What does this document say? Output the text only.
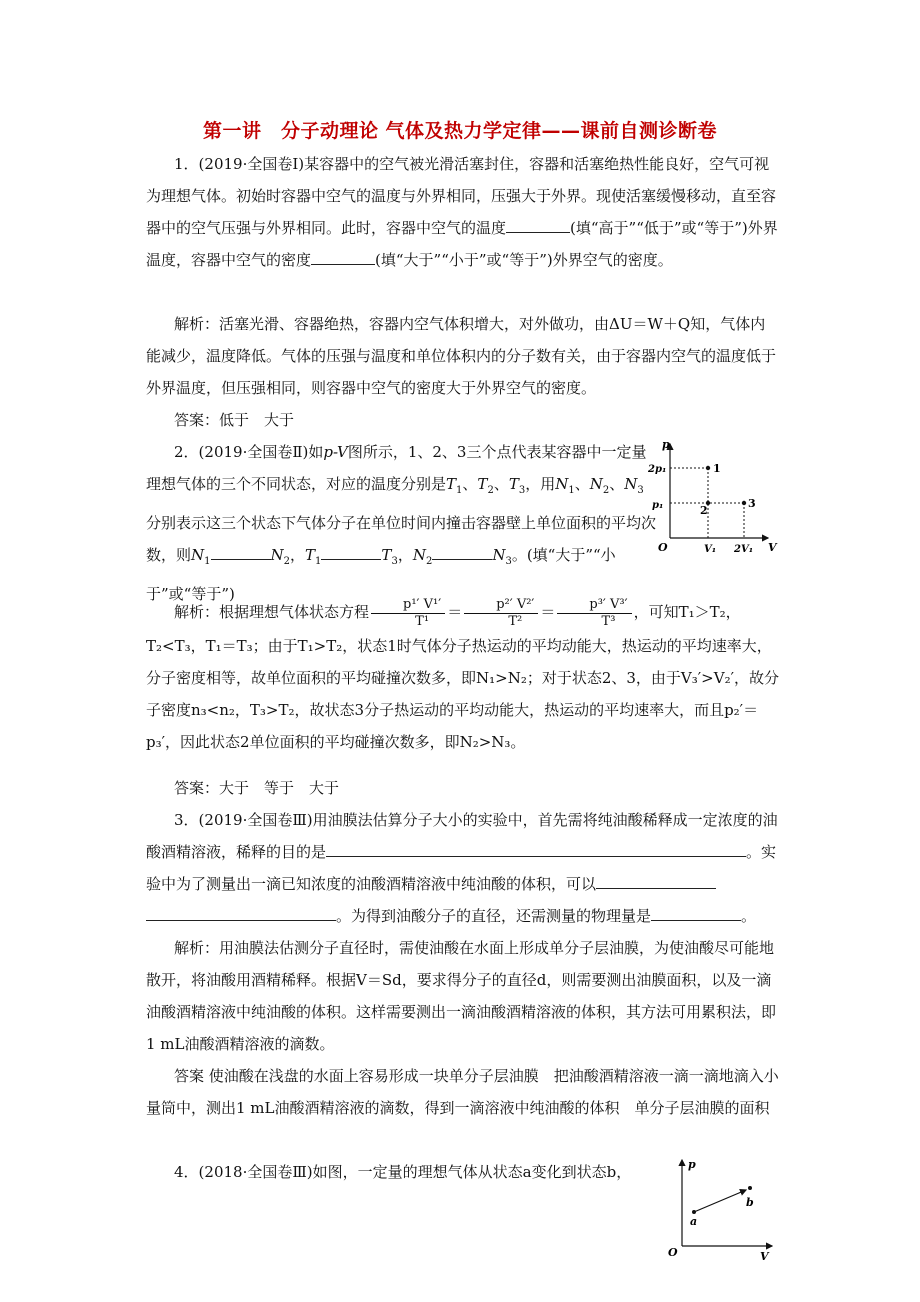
第一讲　分子动理论 气体及热力学定律——课前自测诊断卷

1．(2019·全国卷Ⅰ)某容器中的空气被光滑活塞封住，容器和活塞绝热性能良好，空气可视为理想气体。初始时容器中空气的温度与外界相同，压强大于外界。现使活塞缓慢移动，直至容器中的空气压强与外界相同。此时，容器中空气的温度	(填“高于”“低于”或“等于”)外界温度，容器中空气的密度	(填“大于”“小于”或“等于”)外界空气的密度。

解析：活塞光滑、容器绝热，容器内空气体积增大，对外做功，由ΔU＝W＋Q知，气体内能减少，温度降低。气体的压强与温度和单位体积内的分子数有关，由于容器内空气的温度低于外界温度，但压强相同，则容器中空气的密度大于外界空气的密度。

答案：低于　大于

2．(2019·全国卷Ⅱ)如p-V图所示，1、2、3三个点代表某容器中一定量理想气体的三个不同状态，对应的温度分别是$T_1$、$T_2$、$T_3$，用$N_1$、$N_2$、$N_3$分别表示这三个状态下气体分子在单位时间内撞击容器壁上单位面积的平均次数，则$N_1$	$N_2$，$T_1$	$T_3$，$N_2$	$N_3$。(填“大于”“小于”或“等于”)

p
V
O
2p₁
p₁
V₁ 2V₁
1
2
3

解析：根据理想气体状态方程 $\frac{\text{p¹′ V¹′}}{\text{T¹}} = \frac{\text{p²′ V²′}}{\text{T²}} = \frac{\text{p³′ V³′}}{\text{T³}}$ ，可知T₁＞T₂，T₂<T₃，T₁＝T₃；由于T₁>T₂，状态1时气体分子热运动的平均动能大，热运动的平均速率大，分子密度相等，故单位面积的平均碰撞次数多，即N₁>N₂；对于状态2、3，由于V₃′>V₂′，故分子密度n₃<n₂，T₃>T₂，故状态3分子热运动的平均动能大，热运动的平均速率大，而且p₂′＝p₃′，因此状态2单位面积的平均碰撞次数多，即N₂>N₃。

答案：大于　等于　大于

3．(2019·全国卷Ⅲ)用油膜法估算分子大小的实验中，首先需将纯油酸稀释成一定浓度的油酸酒精溶液，稀释的目的是	。实验中为了测量出一滴已知浓度的油酸酒精溶液中纯油酸的体积，可以。为得到油酸分子的直径，还需测量的物理量是	。

解析：用油膜法估测分子直径时，需使油酸在水面上形成单分子层油膜，为使油酸尽可能地散开，将油酸用酒精稀释。根据V＝Sd，要求得分子的直径d，则需要测出油膜面积，以及一滴油酸酒精溶液中纯油酸的体积。这样需要测出一滴油酸酒精溶液的体积，其方法可用累积法，即1 mL油酸酒精溶液的滴数。

答案 使油酸在浅盘的水面上容易形成一块单分子层油膜　把油酸酒精溶液一滴一滴地滴入小量筒中，测出1 mL油酸酒精溶液的滴数，得到一滴溶液中纯油酸的体积　单分子层油膜的面积

4．(2018·全国卷Ⅲ)如图，一定量的理想气体从状态a变化到状态b，	p
V
O
a
b
